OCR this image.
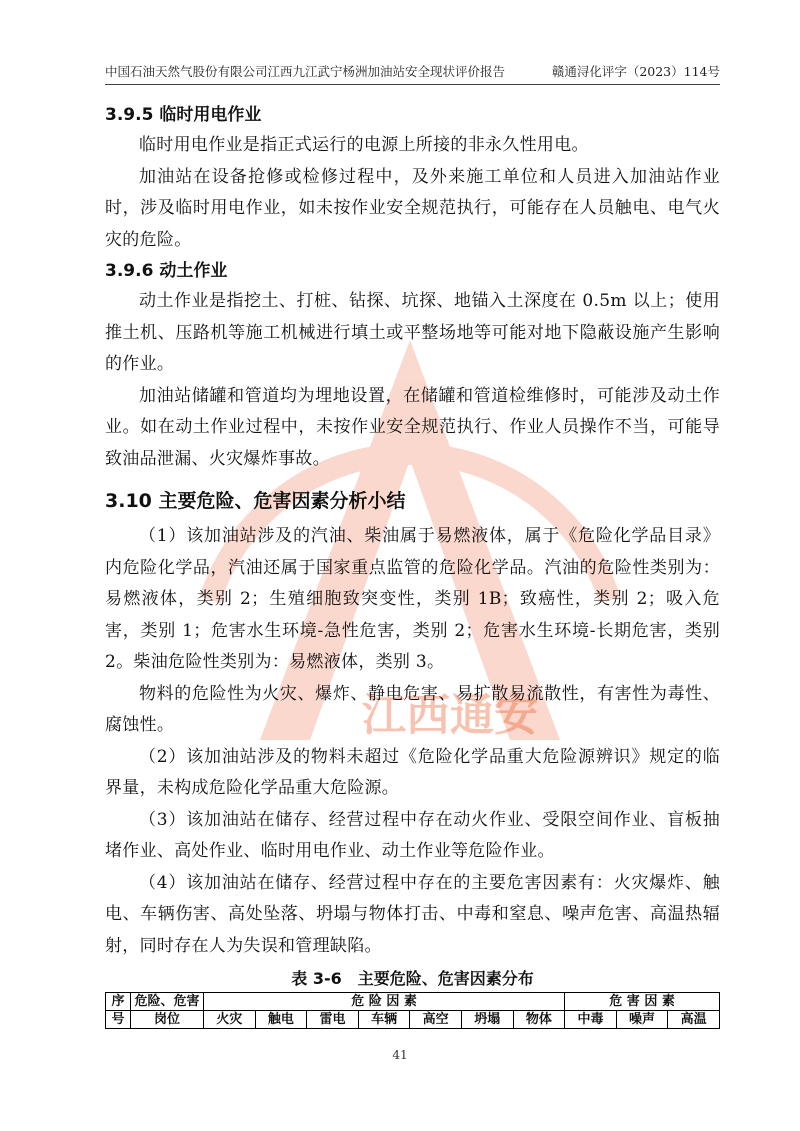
中国石油天然气股份有限公司江西九江武宁杨洲加油站安全现状评价报告	赣通浔化评字（2023）114号
江西通安
3.9.5 临时用电作业
临时用电作业是指正式运行的电源上所接的非永久性用电。
加油站在设备抢修或检修过程中，及外来施工单位和人员进入加油站作业时，涉及临时用电作业，如未按作业安全规范执行，可能存在人员触电、电气火灾的危险。
3.9.6 动土作业
动土作业是指挖土、打桩、钻探、坑探、地锚入土深度在 0.5m 以上；使用推土机、压路机等施工机械进行填土或平整场地等可能对地下隐蔽设施产生影响的作业。
加油站储罐和管道均为埋地设置，在储罐和管道检维修时，可能涉及动土作业。如在动土作业过程中，未按作业安全规范执行、作业人员操作不当，可能导致油品泄漏、火灾爆炸事故。
3.10 主要危险、危害因素分析小结
（1）该加油站涉及的汽油、柴油属于易燃液体，属于《危险化学品目录》内危险化学品，汽油还属于国家重点监管的危险化学品。汽油的危险性类别为：易燃液体，类别 2；生殖细胞致突变性，类别 1B；致癌性，类别 2；吸入危害，类别 1；危害水生环境-急性危害，类别 2；危害水生环境-长期危害，类别 2。柴油危险性类别为：易燃液体，类别 3。
物料的危险性为火灾、爆炸、静电危害、易扩散易流散性，有害性为毒性、腐蚀性。
（2）该加油站涉及的物料未超过《危险化学品重大危险源辨识》规定的临界量，未构成危险化学品重大危险源。
（3）该加油站在储存、经营过程中存在动火作业、受限空间作业、盲板抽堵作业、高处作业、临时用电作业、动土作业等危险作业。
（4）该加油站在储存、经营过程中存在的主要危害因素有：火灾爆炸、触电、车辆伤害、高处坠落、坍塌与物体打击、中毒和窒息、噪声危害、高温热辐射，同时存在人为失误和管理缺陷。
表 3-6　主要危险、危害因素分布
序	危险、危害	危 险 因 素							危 害 因 素		
号	岗位	火灾	触电	雷电	车辆	高空	坍塌	物体	中毒	噪声	高温
41
